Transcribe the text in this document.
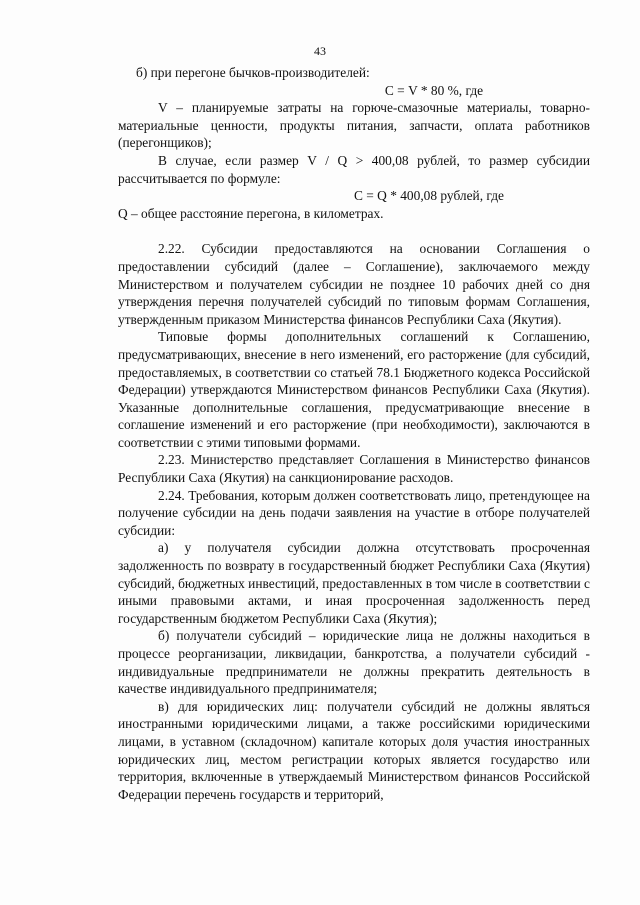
43

б) при перегоне бычков-производителей:

С = V * 80 %, где

V – планируемые затраты на горюче-смазочные материалы, товарно-материальные ценности, продукты питания, запчасти, оплата работников (перегонщиков);

В случае, если размер V / Q > 400,08 рублей, то размер субсидии рассчитывается по формуле:

С = Q * 400,08 рублей, где

Q – общее расстояние перегона, в километрах.

2.22. Субсидии предоставляются на основании Соглашения о предоставлении субсидий (далее – Соглашение), заключаемого между Министерством и получателем субсидии не позднее 10 рабочих дней со дня утверждения перечня получателей субсидий по типовым формам Соглашения, утвержденным приказом Министерства финансов Республики Саха (Якутия).

Типовые формы дополнительных соглашений к Соглашению, предусматривающих, внесение в него изменений, его расторжение (для субсидий, предоставляемых, в соответствии со статьей 78.1 Бюджетного кодекса Российской Федерации) утверждаются Министерством финансов Республики Саха (Якутия). Указанные дополнительные соглашения, предусматривающие внесение в соглашение изменений и его расторжение (при необходимости), заключаются в соответствии с этими типовыми формами.

2.23. Министерство представляет Соглашения в Министерство финансов Республики Саха (Якутия) на санкционирование расходов.

2.24. Требования, которым должен соответствовать лицо, претендующее на получение субсидии на день подачи заявления на участие в отборе получателей субсидии:

а) у получателя субсидии должна отсутствовать просроченная задолженность по возврату в государственный бюджет Республики Саха (Якутия) субсидий, бюджетных инвестиций, предоставленных в том числе в соответствии с иными правовыми актами, и иная просроченная задолженность перед государственным бюджетом Республики Саха (Якутия);

б) получатели субсидий – юридические лица не должны находиться в процессе реорганизации, ликвидации, банкротства, а получатели субсидий - индивидуальные предприниматели не должны прекратить деятельность в качестве индивидуального предпринимателя;

в) для юридических лиц: получатели субсидий не должны являться иностранными юридическими лицами, а также российскими юридическими лицами, в уставном (складочном) капитале которых доля участия иностранных юридических лиц, местом регистрации которых является государство или территория, включенные в утверждаемый Министерством финансов Российской Федерации перечень государств и территорий,
